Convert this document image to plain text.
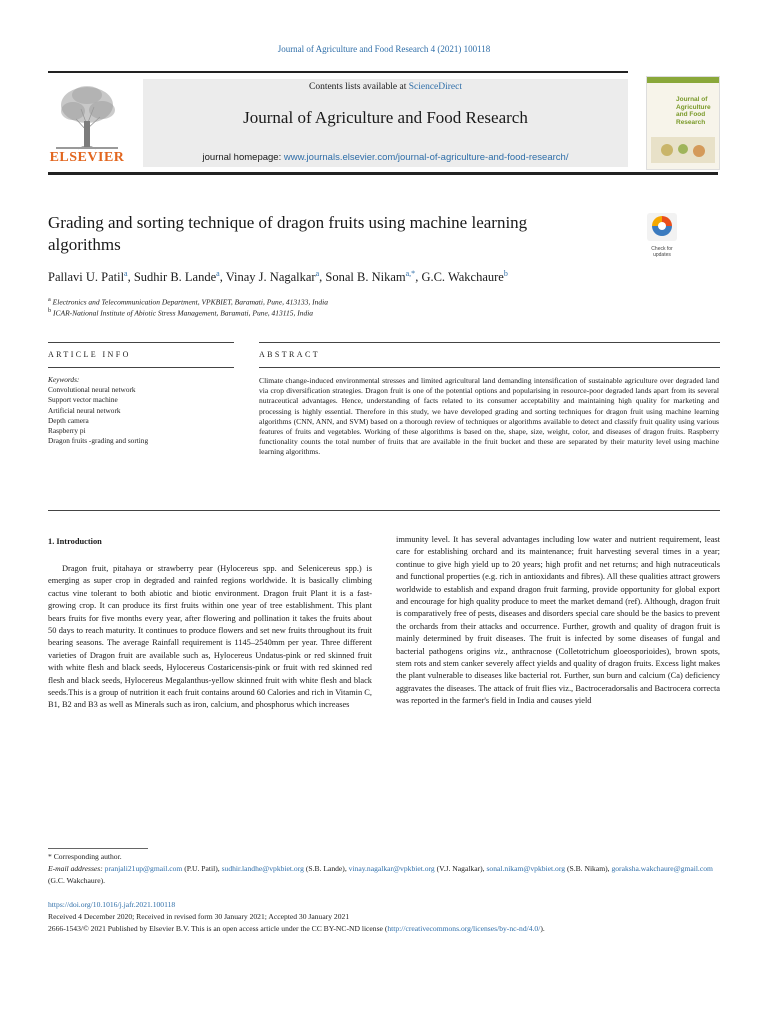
Journal of Agriculture and Food Research 4 (2021) 100118
ELSEVIER
Contents lists available at ScienceDirect
Journal of Agriculture and Food Research
journal homepage: www.journals.elsevier.com/journal-of-agriculture-and-food-research/
Journal of Agriculture and Food Research
Grading and sorting technique of dragon fruits using machine learning algorithms	Check for updates
Pallavi U. Patil$^a$, Sudhir B. Lande$^a$, Vinay J. Nagalkar$^a$, Sonal B. Nikam$^{a,*}$, G.C. Wakchaure$^b$
$^a$ Electronics and Telecommunication Department, VPKBIET, Baramati, Pune, 413133, India
$^b$ ICAR-National Institute of Abiotic Stress Management, Baramati, Pune, 413115, India
ARTICLE INFO	ABSTRACT
Keywords:
Convolutional neural network
Support vector machine
Artificial neural network
Depth camera
Raspberry pi
Dragon fruits -grading and sorting
Climate change-induced environmental stresses and limited agricultural land demanding intensification of sustainable agriculture over degraded land via crop diversification strategies. Dragon fruit is one of the potential options and popularising in resource-poor degraded lands apart from its several nutraceutical advantages. Hence, understanding of facts related to its consumer acceptability and maintaining high quality for marketing and processing is highly essential. Therefore in this study, we have developed grading and sorting techniques for dragon fruit using machine learning algorithms (CNN, ANN, and SVM) based on a thorough review of techniques or algorithms available to detect and classify fruit quality using various features of fruits and vegetables. Working of these algorithms is based on the, shape, size, weight, color, and diseases of dragon fruits. Raspberry functionality counts the total number of fruits that are available in the fruit bucket and these are separated by their maturity level using machine learning algorithms.
1. Introduction
Dragon fruit, pitahaya or strawberry pear (Hylocereus spp. and Selenicereus spp.) is emerging as super crop in degraded and rainfed regions worldwide. It is basically climbing cactus vine tolerant to both abiotic and biotic environment. Dragon fruit Plant it is a fast-growing crop. It can produce its first fruits within one year of tree establishment. This plant bears fruits for five months every year, after flowering and pollination it takes the fruits about 50 days to reach maturity. It continues to produce flowers and set new fruits throughout its fruit bearing seasons. The average Rainfall requirement is 1145–2540mm per year. Three different varieties of Dragon fruit are available such as, Hylocereus Undatus-pink or red skinned fruit with white flesh and black seeds, Hylocereus Costaricensis-pink or fruit with red skinned red flesh and black seeds, Hylocereus Megalanthus-yellow skinned fruit with white flesh and black seeds.This is a group of nutrition it each fruit contains around 60 Calories and rich in Vitamin C, B1, B2 and B3 as well as Minerals such as iron, calcium, and phosphorus which increases
immunity level. It has several advantages including low water and nutrient requirement, least care for establishing orchard and its maintenance; fruit harvesting several times in a year; continue to give high yield up to 20 years; high profit and net returns; and high nutraceuticals and functional properties (e.g. rich in antioxidants and fibres). All these qualities attract growers worldwide to establish and expand dragon fruit farming, provide opportunity for global export and encourage for high quality produce to meet the market demand (ref). Although, dragon fruit is comparatively free of pests, diseases and disorders special care should be the basics to prevent the orchards from their attacks and occurrence. Further, growth and quality of dragon fruit is mainly determined by fruit diseases. The fruit is infected by some diseases of fungal and bacterial pathogens origins viz., anthracnose (Colletotrichum gloeosporioides), brown spots, stem rots and stem canker severely affect yields and quality of dragon fruits. Excess light makes the plant vulnerable to diseases like bacterial rot. Further, sun burn and calcium (Ca) deficiency aggravates the diseases. The attack of fruit flies viz., Bactroceradorsalis and Bactrocera correcta was reported in the farmer's field in India and causes yield
* Corresponding author.
E-mail addresses: pranjali21up@gmail.com (P.U. Patil), sudhir.landhe@vpkbiet.org (S.B. Lande), vinay.nagalkar@vpkbiet.org (V.J. Nagalkar), sonal.nikam@vpkbiet.org (S.B. Nikam), goraksha.wakchaure@gmail.com (G.C. Wakchaure).
https://doi.org/10.1016/j.jafr.2021.100118
Received 4 December 2020; Received in revised form 30 January 2021; Accepted 30 January 2021
2666-1543/© 2021 Published by Elsevier B.V. This is an open access article under the CC BY-NC-ND license (http://creativecommons.org/licenses/by-nc-nd/4.0/).
